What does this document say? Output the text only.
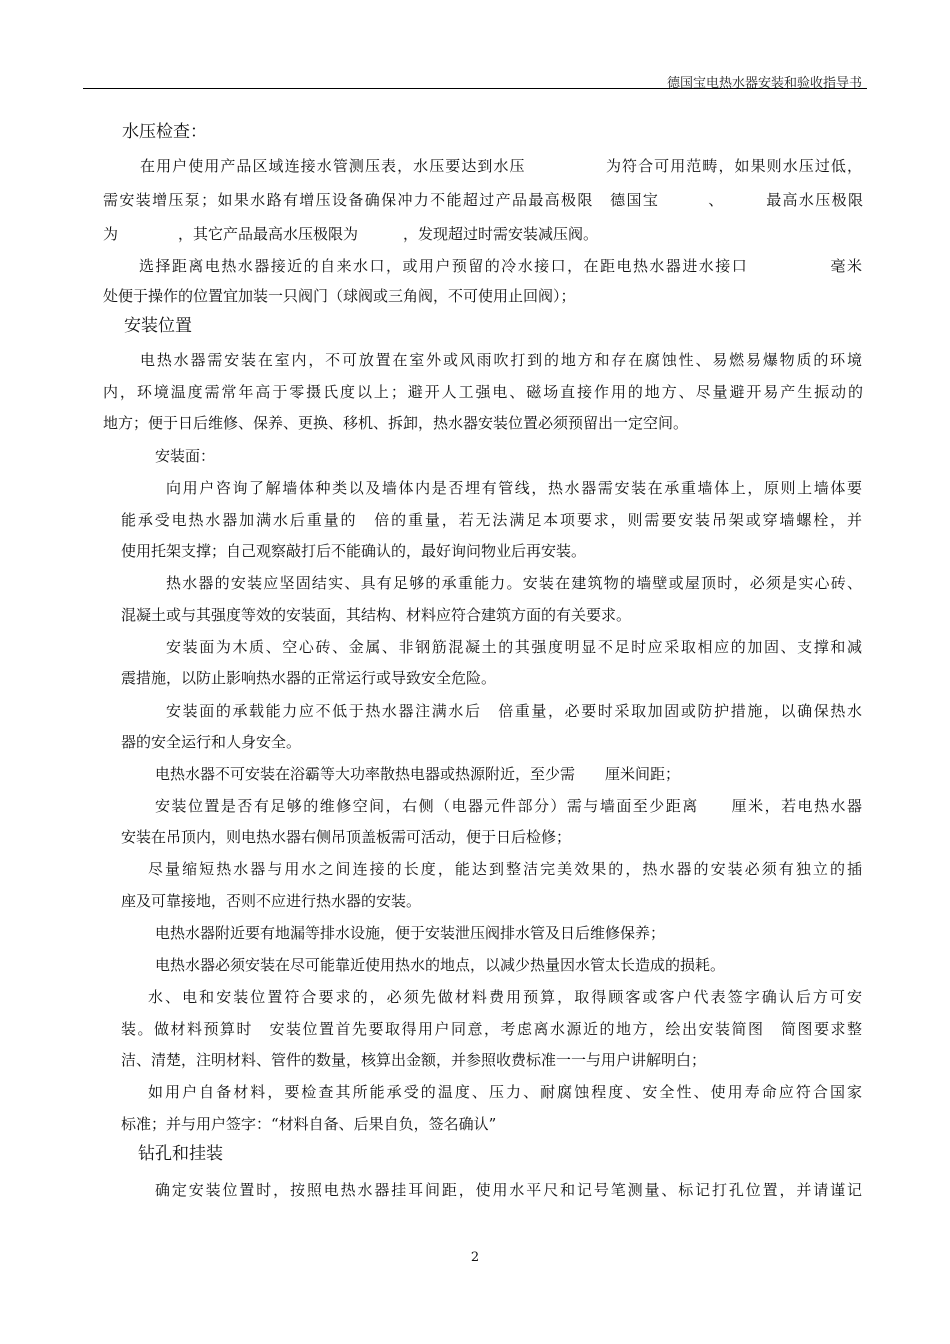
德国宝电热水器安装和验收指导书
水压检查：
在用户使用产品区域连接水管测压表，水压要达到水压　　　　　为符合可用范畴，如果则水压过低，
需安装增压泵；如果水路有增压设备确保冲力不能超过产品最高极限　德国宝　　　、　　　最高水压极限
为　　　　，其它产品最高水压极限为　　　，发现超过时需安装减压阀。
选择距离电热水器接近的自来水口，或用户预留的冷水接口，在距电热水器进水接口　　　　　毫米
处便于操作的位置宜加装一只阀门（球阀或三角阀，不可使用止回阀）；
安装位置
电热水器需安装在室内，不可放置在室外或风雨吹打到的地方和存在腐蚀性、易燃易爆物质的环境
内，环境温度需常年高于零摄氏度以上；避开人工强电、磁场直接作用的地方、尽量避开易产生振动的
地方；便于日后维修、保养、更换、移机、拆卸，热水器安装位置必须预留出一定空间。
安装面：
向用户咨询了解墙体种类以及墙体内是否埋有管线，热水器需安装在承重墙体上，原则上墙体要
能承受电热水器加满水后重量的　倍的重量，若无法满足本项要求，则需要安装吊架或穿墙螺栓，并
使用托架支撑；自己观察敲打后不能确认的，最好询问物业后再安装。
热水器的安装应坚固结实、具有足够的承重能力。安装在建筑物的墙壁或屋顶时，必须是实心砖、
混凝土或与其强度等效的安装面，其结构、材料应符合建筑方面的有关要求。
安装面为木质、空心砖、金属、非钢筋混凝土的其强度明显不足时应采取相应的加固、支撑和减
震措施，以防止影响热水器的正常运行或导致安全危险。
安装面的承载能力应不低于热水器注满水后　倍重量，必要时采取加固或防护措施，以确保热水
器的安全运行和人身安全。
电热水器不可安装在浴霸等大功率散热电器或热源附近，至少需　　厘米间距；
安装位置是否有足够的维修空间，右侧（电器元件部分）需与墙面至少距离　　厘米，若电热水器
安装在吊顶内，则电热水器右侧吊顶盖板需可活动，便于日后检修；
尽量缩短热水器与用水之间连接的长度，能达到整洁完美效果的，热水器的安装必须有独立的插
座及可靠接地，否则不应进行热水器的安装。
电热水器附近要有地漏等排水设施，便于安装泄压阀排水管及日后维修保养；
电热水器必须安装在尽可能靠近使用热水的地点，以减少热量因水管太长造成的损耗。
水、电和安装位置符合要求的，必须先做材料费用预算，取得顾客或客户代表签字确认后方可安
装。做材料预算时　安装位置首先要取得用户同意，考虑离水源近的地方，绘出安装简图　简图要求整
洁、清楚，注明材料、管件的数量，核算出金额，并参照收费标准一一与用户讲解明白；
如用户自备材料，要检查其所能承受的温度、压力、耐腐蚀程度、安全性、使用寿命应符合国家
标准；并与用户签字：“材料自备、后果自负，签名确认”
钻孔和挂装
确定安装位置时，按照电热水器挂耳间距，使用水平尺和记号笔测量、标记打孔位置，并请谨记
2
